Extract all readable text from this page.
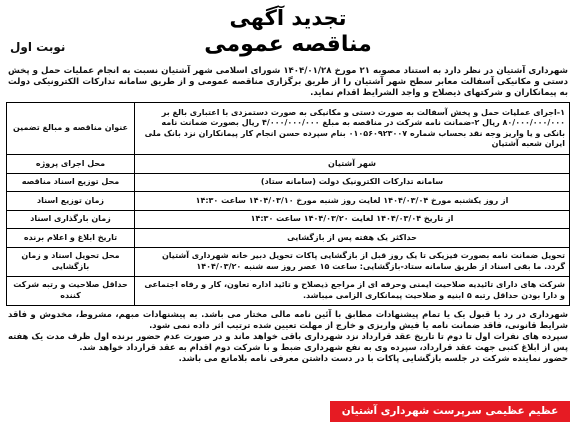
تجدید آگهی
مناقصه عمومی
نوبت اول

شهرداری آشتیان در نظر دارد به استناد مصوبه ۲۱ مورخ ۱۴۰۴/۰۱/۲۸ شورای اسلامی شهر آشتیان نسبت به انجام عملیات حمل و پخش دستی و مکانیکی آسفالت معابر سطح شهر آشتیان را از طریق برگزاری مناقصه عمومی و از طریق سامانه تدارکات الکترونیکی دولت به پیمانکاران و شرکتهای ذیصلاح و واجد الشرایط اقدام نماید.

۱-اجرای عملیات حمل و پخش آسفالت به صورت دستی و مکانیکی به صورت دستمزدی با اعتباری بالغ بر ۸۰/۰۰۰/۰۰۰/۰۰۰ ریال ۲-ضمانت نامه شرکت در مناقصه به مبلغ ۴/۰۰۰/۰۰۰/۰۰۰ ریال بصورت ضمانت نامه بانکی و یا واریز وجه نقد بحساب شماره ۰۱۰۵۶۰۹۲۳۰۰۷ بنام سپرده حسن انجام کار پیمانکاران نزد بانک ملی ایران شعبه آشتیان	عنوان مناقصه و مبالغ تضمین
شهر آشتیان	محل اجرای پروژه
سامانه تدارکات الکترونیک دولت (سامانه ستاد)	محل توزیع اسناد مناقصه
از روز یکشنبه مورخ ۱۴۰۴/۰۳/۰۴ لغایت روز شنبه مورخ ۱۴۰۴/۰۳/۱۰ ساعت ۱۴:۳۰	زمان توزیع اسناد
از تاریخ ۱۴۰۴/۰۳/۰۴ لغایت ۱۴۰۴/۰۳/۲۰ ساعت ۱۴:۳۰	زمان بارگذاری اسناد
حداکثر یک هفته پس از بازگشایی	تاریخ ابلاغ و اعلام برنده
تحویل ضمانت نامه بصورت فیزیکی تا یک روز قبل از بازگشایی پاکات تحویل دبیر خانه شهرداری آشتیان گردد. ما بقی اسناد از طریق سامانه ستاد-بازگشایی: ساعت ۱۵ عصر روز سه شنبه ۱۴۰۴/۰۳/۲۰	محل تحویل اسناد و زمان بازگشایی
شرکت های دارای تائیدیه صلاحیت ایمنی وحرفه ای از مراجع ذیصلاح و تائید اداره تعاون، کار و رفاه اجتماعی و دارا بودن حداقل رتبه ۵ ابنیه و صلاحیت پیمانکاری الزامی میباشد.	حداقل صلاحیت و رتبه شرکت کننده

شهرداری در رد یا قبول یک یا تمام پیشنهادات مطابق با آئین نامه مالی مختار می باشد. به پیشنهادات مبهم، مشروط، مخدوش و فاقد شرایط قانونی، فاقد ضمانت نامه یا فیش واریزی و خارج از مهلت تعیین شده ترتیب اثر داده نمی شود.

سپرده های نفرات اول تا دوم تا تاریخ عقد قرارداد نزد شهرداری باقی خواهد ماند و در صورت عدم حضور برنده اول ظرف مدت یک هفته پس از ابلاغ کتبی جهت عقد قرارداد، سپرده وی به نفع شهرداری ضبط و با شرکت دوم اقدام به عقد قرارداد خواهد شد.

حضور نماینده شرکت در جلسه بازگشایی پاکات با در دست داشتن معرفی نامه بلامانع می باشد.

عظیم عظیمی سرپرست شهرداری آشتیان
